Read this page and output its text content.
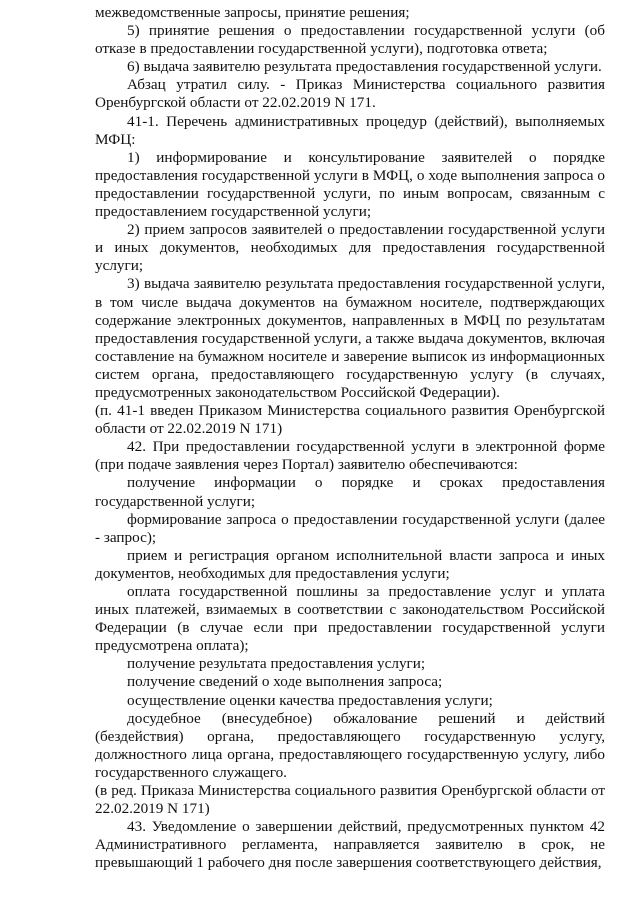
межведомственные запросы, принятие решения;

5) принятие решения о предоставлении государственной услуги (об отказе в предоставлении государственной услуги), подготовка ответа;

6) выдача заявителю результата предоставления государственной услуги.

Абзац утратил силу. - Приказ Министерства социального развития Оренбургской области от 22.02.2019 N 171.

41-1. Перечень административных процедур (действий), выполняемых МФЦ:

1) информирование и консультирование заявителей о порядке предоставления государственной услуги в МФЦ, о ходе выполнения запроса о предоставлении государственной услуги, по иным вопросам, связанным с предоставлением государственной услуги;

2) прием запросов заявителей о предоставлении государственной услуги и иных документов, необходимых для предоставления государственной услуги;

3) выдача заявителю результата предоставления государственной услуги, в том числе выдача документов на бумажном носителе, подтверждающих содержание электронных документов, направленных в МФЦ по результатам предоставления государственной услуги, а также выдача документов, включая составление на бумажном носителе и заверение выписок из информационных систем органа, предоставляющего государственную услугу (в случаях, предусмотренных законодательством Российской Федерации).

(п. 41-1 введен Приказом Министерства социального развития Оренбургской области от 22.02.2019 N 171)

42. При предоставлении государственной услуги в электронной форме (при подаче заявления через Портал) заявителю обеспечиваются:

получение информации о порядке и сроках предоставления государственной услуги;

формирование запроса о предоставлении государственной услуги (далее - запрос);

прием и регистрация органом исполнительной власти запроса и иных документов, необходимых для предоставления услуги;

оплата государственной пошлины за предоставление услуг и уплата иных платежей, взимаемых в соответствии с законодательством Российской Федерации (в случае если при предоставлении государственной услуги предусмотрена оплата);

получение результата предоставления услуги;

получение сведений о ходе выполнения запроса;

осуществление оценки качества предоставления услуги;

досудебное (внесудебное) обжалование решений и действий (бездействия) органа, предоставляющего государственную услугу, должностного лица органа, предоставляющего государственную услугу, либо государственного служащего.

(в ред. Приказа Министерства социального развития Оренбургской области от 22.02.2019 N 171)

43. Уведомление о завершении действий, предусмотренных пунктом 42 Административного регламента, направляется заявителю в срок, не превышающий 1 рабочего дня после завершения соответствующего действия,
